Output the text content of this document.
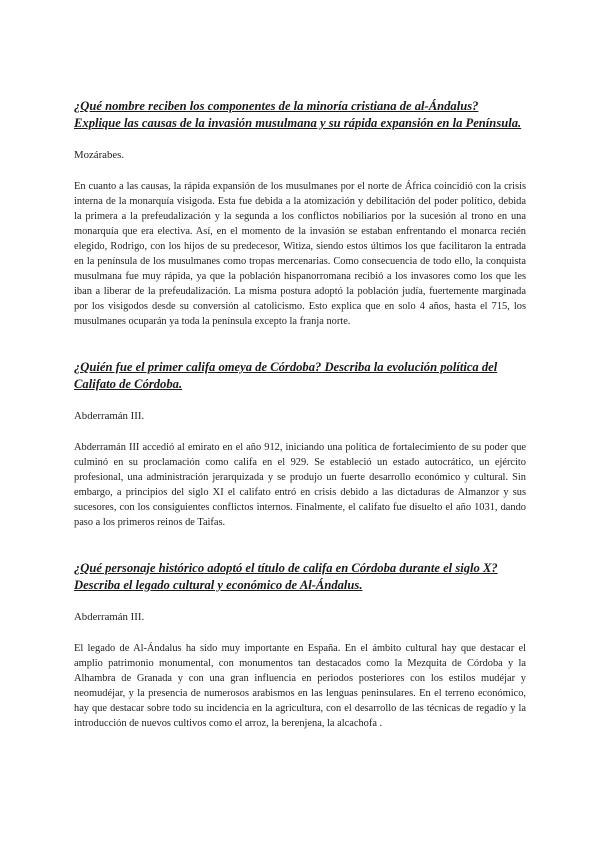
¿Qué nombre reciben los componentes de la minoría cristiana de al-Ándalus? Explique las causas de la invasión musulmana y su rápida expansión en la Península.

Mozárabes.

En cuanto a las causas, la rápida expansión de los musulmanes por el norte de África coincidió con la crisis interna de la monarquía visigoda. Esta fue debida a la atomización y debilitación del poder político, debida la primera a la prefeudalización y la segunda a los conflictos nobiliarios por la sucesión al trono en una monarquía que era electiva. Así, en el momento de la invasión se estaban enfrentando el monarca recién elegido, Rodrigo, con los hijos de su predecesor, Witiza, siendo estos últimos los que facilitaron la entrada en la península de los musulmanes como tropas mercenarias. Como consecuencia de todo ello, la conquista musulmana fue muy rápida, ya que la población hispanorromana recibió a los invasores como los que les iban a liberar de la prefeudalización. La misma postura adoptó la población judía, fuertemente marginada por los visigodos desde su conversión al catolicismo. Esto explica que en solo 4 años, hasta el 715, los musulmanes ocuparán ya toda la península excepto la franja norte.

¿Quién fue el primer califa omeya de Córdoba? Describa la evolución política del Califato de Córdoba.

Abderramán III.

Abderramán III accedió al emirato en el año 912, iniciando una política de fortalecimiento de su poder que culminó en su proclamación como califa en el 929. Se estableció un estado autocrático, un ejército profesional, una administración jerarquizada y se produjo un fuerte desarrollo económico y cultural. Sin embargo, a principios del siglo XI el califato entró en crisis debido a las dictaduras de Almanzor y sus sucesores, con los consiguientes conflictos internos. Finalmente, el califato fue disuelto el año 1031, dando paso a los primeros reinos de Taifas.

¿Qué personaje histórico adoptó el título de califa en Córdoba durante el siglo X? Describa el legado cultural y económico de Al-Ándalus.

Abderramán III.

El legado de Al-Ándalus ha sido muy importante en España. En el ámbito cultural hay que destacar el amplio patrimonio monumental, con monumentos tan destacados como la Mezquita de Córdoba y la Alhambra de Granada y con una gran influencia en periodos posteriores con los estilos mudéjar y neomudéjar, y la presencia de numerosos arabismos en las lenguas peninsulares. En el terreno económico, hay que destacar sobre todo su incidencia en la agricultura, con el desarrollo de las técnicas de regadío y la introducción de nuevos cultivos como el arroz, la berenjena, la alcachofa .
